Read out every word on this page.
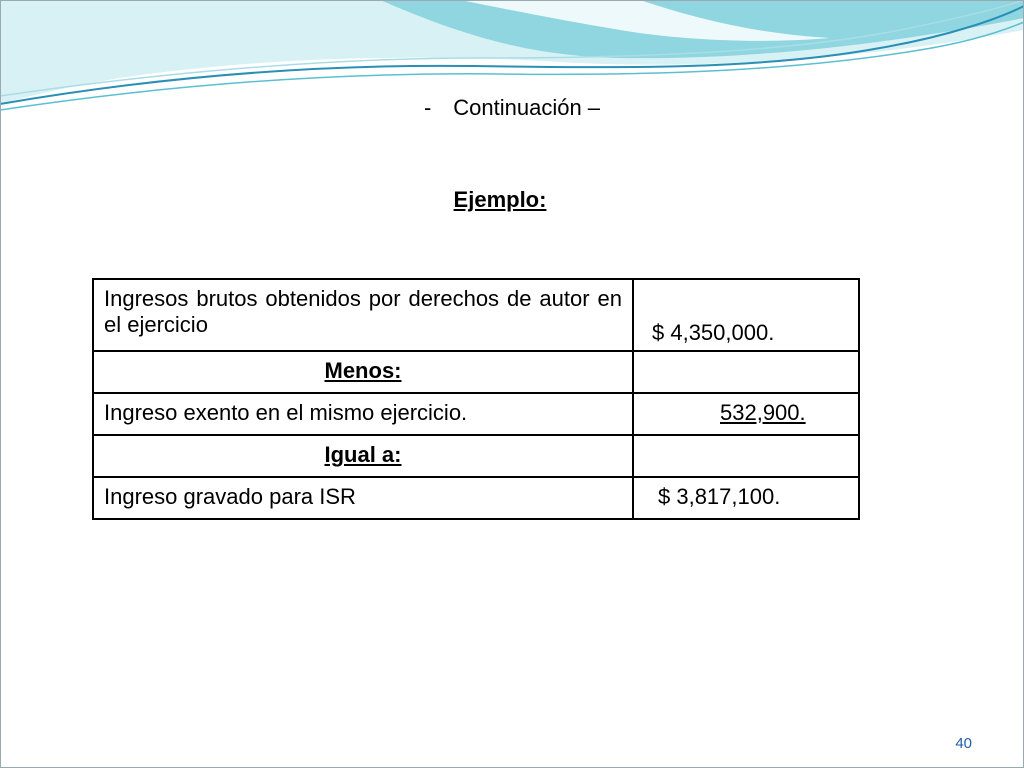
- Continuación –
Ejemplo:
Ingresos brutos obtenidos por derechos de autor en el ejercicio	$ 4,350,000.

Menos:	

Ingreso exento en el mismo ejercicio.	532,900.

Igual a:	

Ingreso gravado para ISR	$ 3,817,100.
40
